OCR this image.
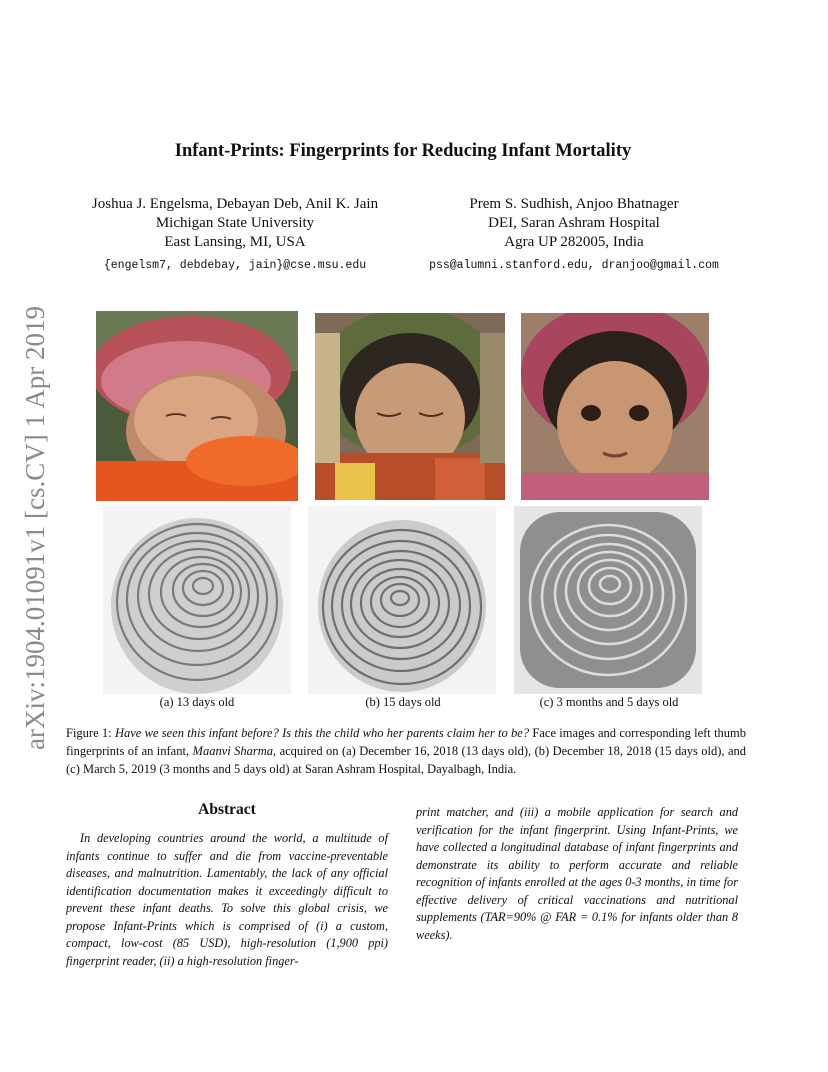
arXiv:1904.01091v1 [cs.CV] 1 Apr 2019
Infant-Prints: Fingerprints for Reducing Infant Mortality
Joshua J. Engelsma, Debayan Deb, Anil K. Jain
Michigan State University
East Lansing, MI, USA
{engelsm7, debdebay, jain}@cse.msu.edu
Prem S. Sudhish, Anjoo Bhatnager
DEI, Saran Ashram Hospital
Agra UP 282005, India
pss@alumni.stanford.edu, dranjoo@gmail.com
(a) 13 days old	(b) 15 days old	(c) 3 months and 5 days old
Figure 1: Have we seen this infant before? Is this the child who her parents claim her to be? Face images and corresponding left thumb fingerprints of an infant, Maanvi Sharma, acquired on (a) December 16, 2018 (13 days old), (b) December 18, 2018 (15 days old), and (c) March 5, 2019 (3 months and 5 days old) at Saran Ashram Hospital, Dayalbagh, India.
Abstract
In developing countries around the world, a multitude of infants continue to suffer and die from vaccine-preventable diseases, and malnutrition. Lamentably, the lack of any official identification documentation makes it exceedingly difficult to prevent these infant deaths. To solve this global crisis, we propose Infant-Prints which is comprised of (i) a custom, compact, low-cost (85 USD), high-resolution (1,900 ppi) fingerprint reader, (ii) a high-resolution finger-
print matcher, and (iii) a mobile application for search and verification for the infant fingerprint. Using Infant-Prints, we have collected a longitudinal database of infant fingerprints and demonstrate its ability to perform accurate and reliable recognition of infants enrolled at the ages 0-3 months, in time for effective delivery of critical vaccinations and nutritional supplements (TAR=90% @ FAR = 0.1% for infants older than 8 weeks).
